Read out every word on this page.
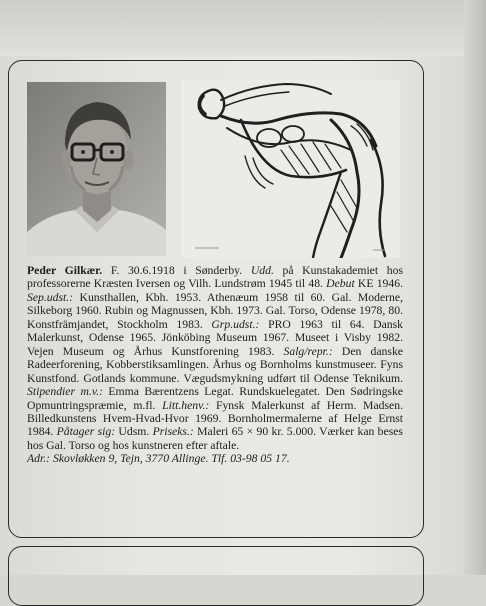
Peder Gilkær. F. 30.6.1918 i Sønderby. Udd. på Kunstakademiet hos professorerne Kræsten Iversen og Vilh. Lundstrøm 1945 til 48. Debut KE 1946. Sep.udst.: Kunsthallen, Kbh. 1953. Athenæum 1958 til 60. Gal. Moderne, Silkeborg 1960. Rubin og Magnussen, Kbh. 1973. Gal. Torso, Odense 1978, 80. Konstfrämjandet, Stockholm 1983. Grp.udst.: PRO 1963 til 64. Dansk Malerkunst, Odense 1965. Jönköbing Museum 1967. Museet i Visby 1982. Vejen Museum og Århus Kunstforening 1983. Salg/repr.: Den danske Radeerforening, Kobberstiksamlingen. Århus og Bornholms kunstmuseer. Fyns Kunstfond. Gotlands kommune. Vægudsmykning udført til Odense Teknikum. Stipendier m.v.: Emma Bærentzens Legat. Rundskuelegatet. Den Sødringske Opmuntringspræmie, m.fl. Litt.henv.: Fynsk Malerkunst af Herm. Madsen. Billedkunstens Hvem-Hvad-Hvor 1969. Bornholmermalerne af Helge Ernst 1984. Påtager sig: Udsm. Priseks.: Maleri 65 × 90 kr. 5.000. Værker kan beses hos Gal. Torso og hos kunstneren efter aftale.
Adr.: Skovløkken 9, Tejn, 3770 Allinge. Tlf. 03-98 05 17.
